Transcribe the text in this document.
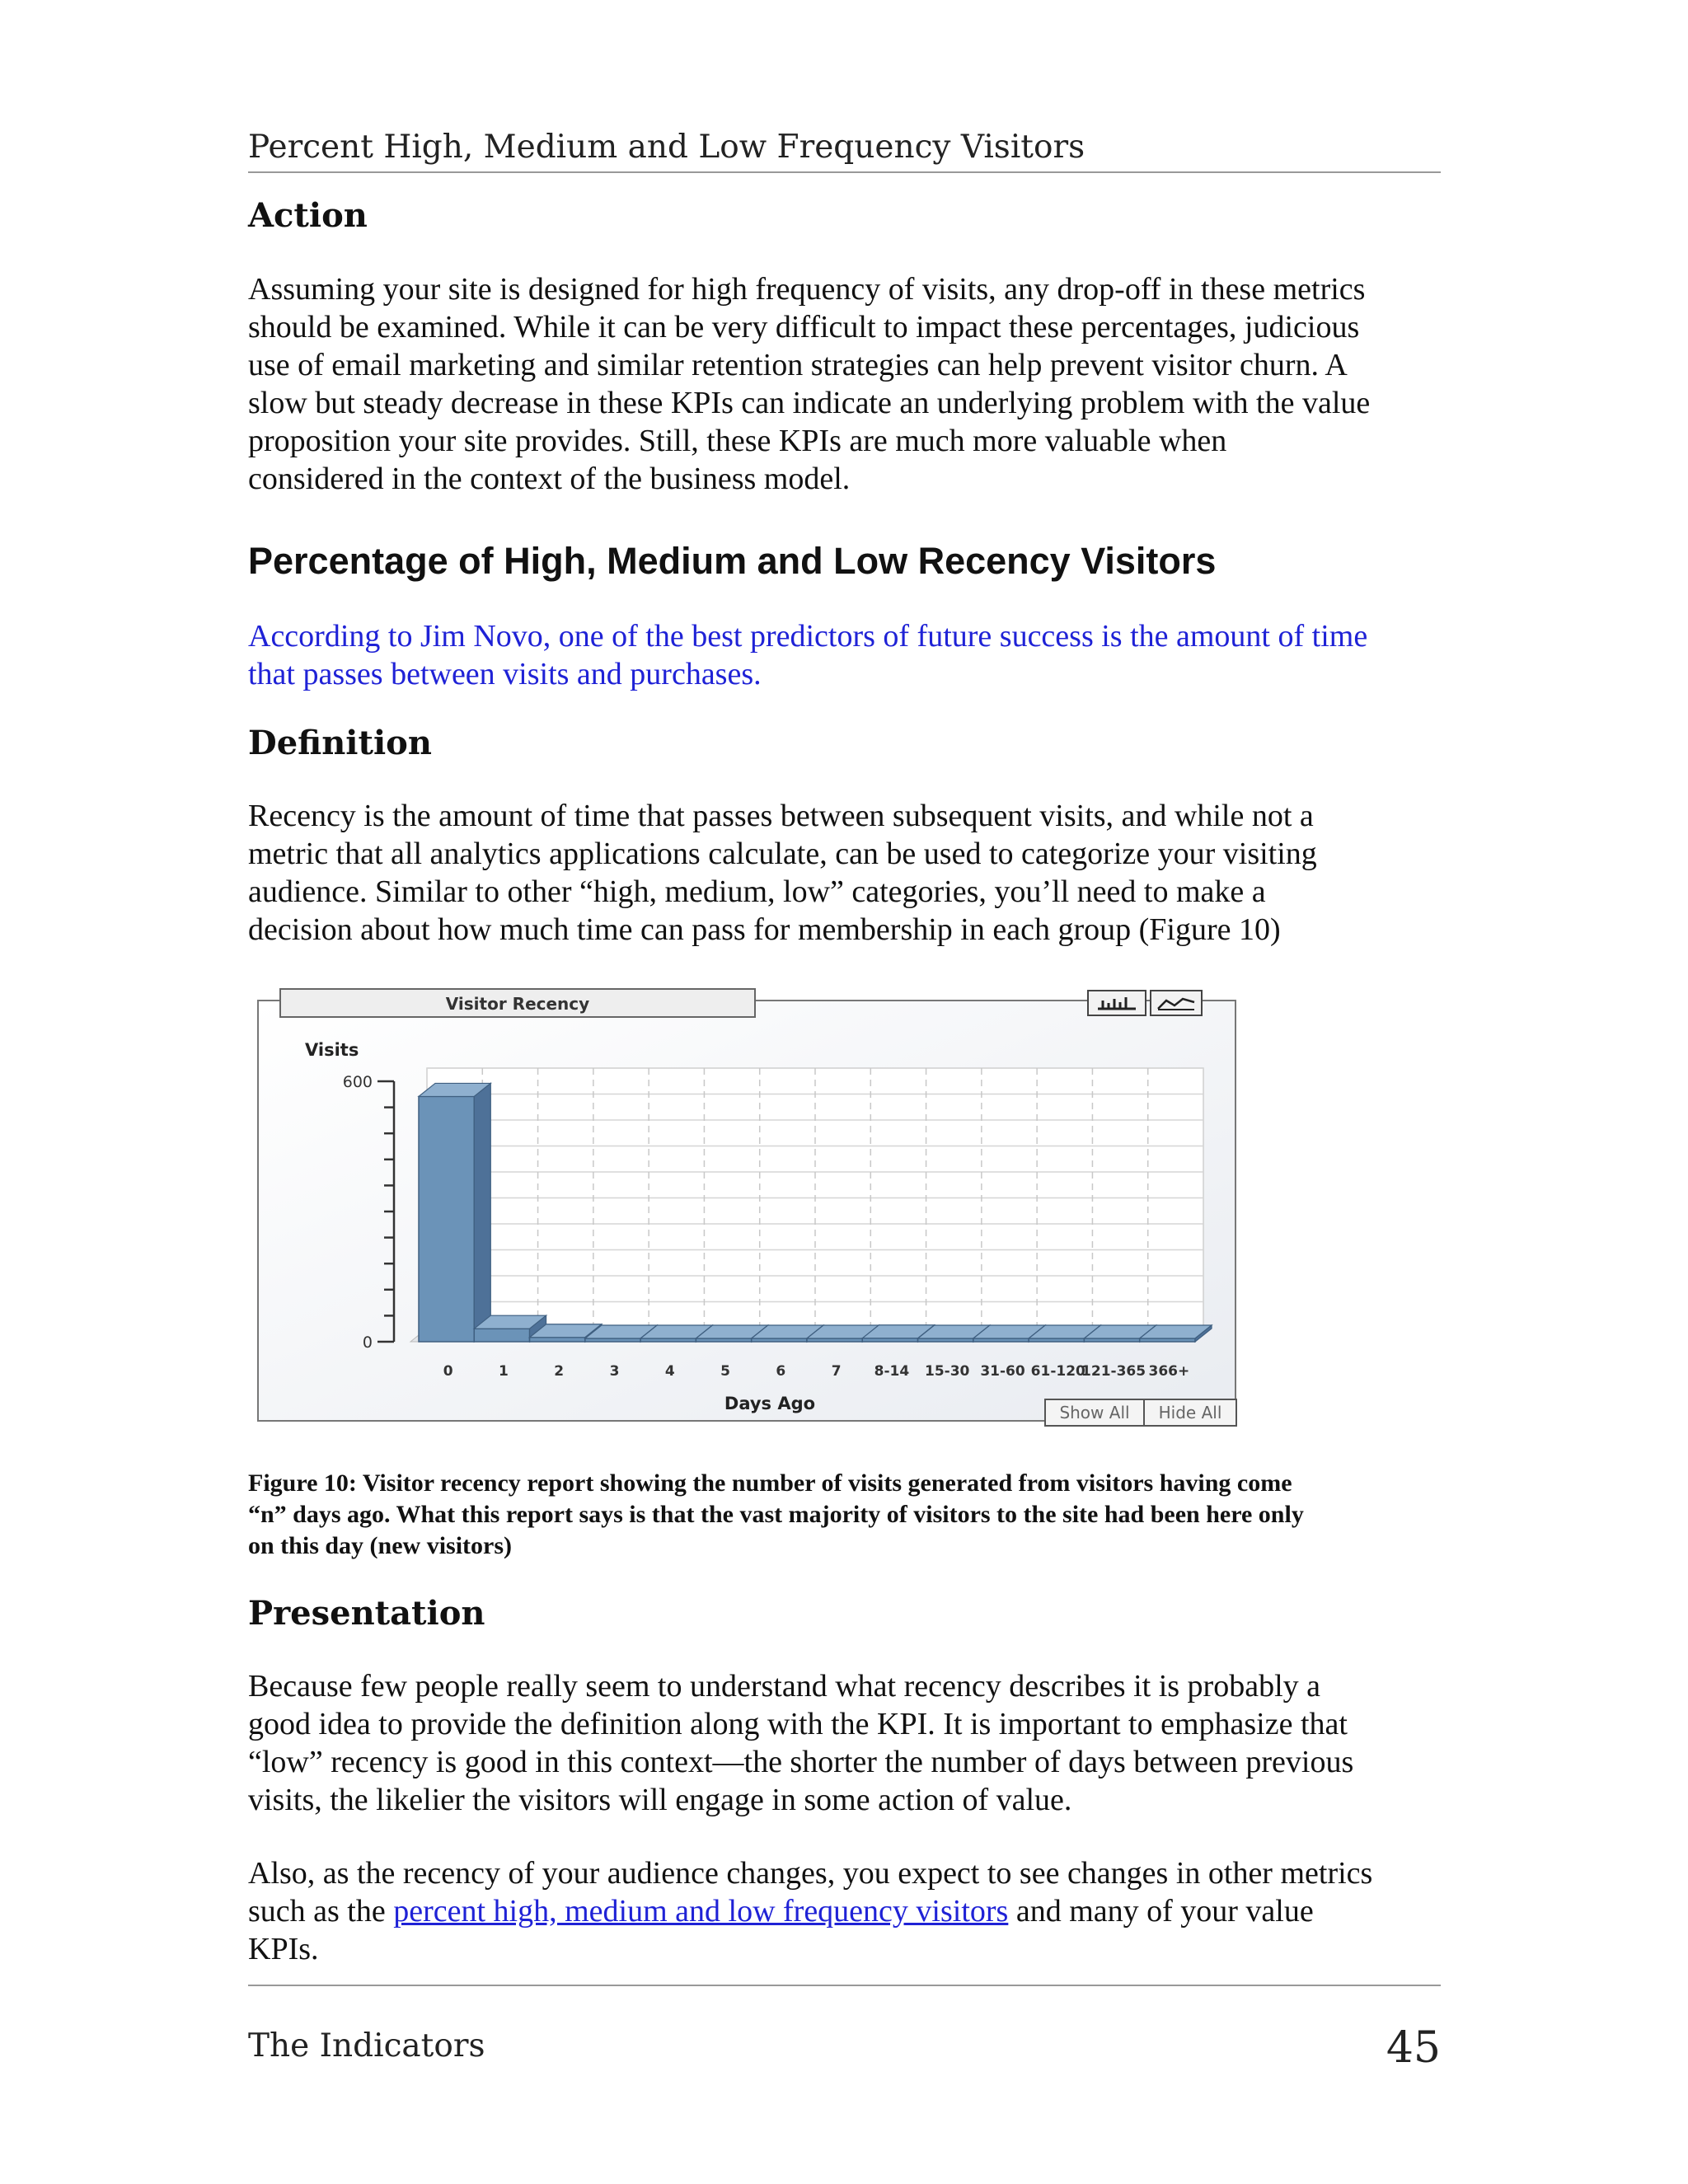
Percent High, Medium and Low Frequency Visitors
Action
Assuming your site is designed for high frequency of visits, any drop-off in these metrics
should be examined. While it can be very difficult to impact these percentages, judicious
use of email marketing and similar retention strategies can help prevent visitor churn. A
slow but steady decrease in these KPIs can indicate an underlying problem with the value
proposition your site provides. Still, these KPIs are much more valuable when
considered in the context of the business model.
Percentage of High, Medium and Low Recency Visitors
According to Jim Novo, one of the best predictors of future success is the amount of time
that passes between visits and purchases.
Definition
Recency is the amount of time that passes between subsequent visits, and while not a
metric that all analytics applications calculate, can be used to categorize your visiting
audience. Similar to other “high, medium, low” categories, you’ll need to make a
decision about how much time can pass for membership in each group (Figure 10)
Visitor Recency
Visits
600
0
0	1	2	3	4	5	6	7 8-14 15-30 31-60 61-120
121-365 366+
Days Ago	Show All Hide All
Figure 10: Visitor recency report showing the number of visits generated from visitors having come
“n” days ago. What this report says is that the vast majority of visitors to the site had been here only
on this day (new visitors)
Presentation
Because few people really seem to understand what recency describes it is probably a
good idea to provide the definition along with the KPI. It is important to emphasize that
“low” recency is good in this context—the shorter the number of days between previous
visits, the likelier the visitors will engage in some action of value.
Also, as the recency of your audience changes, you expect to see changes in other metrics
such as the percent high, medium and low frequency visitors and many of your value
KPIs.
The Indicators	45
